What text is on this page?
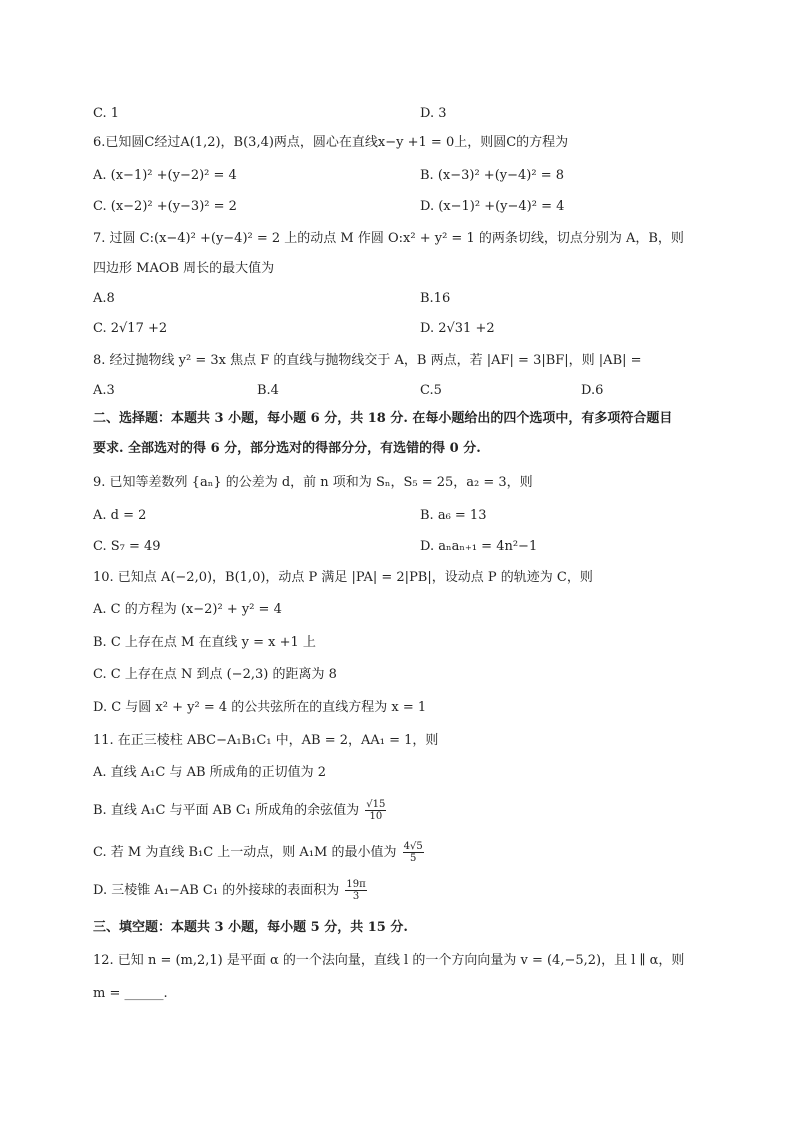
C. 1	D. 3
6.已知圆C经过A(1,2)，B(3,4)两点，圆心在直线x−y +1 = 0上，则圆C的方程为
A. (x−1)² +(y−2)² = 4	B. (x−3)² +(y−4)² = 8
C. (x−2)² +(y−3)² = 2	D. (x−1)² +(y−4)² = 4
7. 过圆 C:(x−4)² +(y−4)² = 2 上的动点 M 作圆 O:x² + y² = 1 的两条切线，切点分别为 A，B，则
四边形 MAOB 周长的最大值为
A.8	B.16
C. 2√17 +2	D. 2√31 +2
8. 经过抛物线 y² = 3x 焦点 F 的直线与抛物线交于 A，B 两点，若 |AF| = 3|BF|，则 |AB| =
A.3	B.4	C.5	D.6
二、选择题：本题共 3 小题，每小题 6 分，共 18 分. 在每小题给出的四个选项中，有多项符合题目
要求. 全部选对的得 6 分，部分选对的得部分分，有选错的得 0 分.
9. 已知等差数列 {aₙ} 的公差为 d，前 n 项和为 Sₙ，S₅ = 25，a₂ = 3，则
A. d = 2	B. a₆ = 13
C. S₇ = 49	D. aₙaₙ₊₁ = 4n²−1
10. 已知点 A(−2,0)，B(1,0)，动点 P 满足 |PA| = 2|PB|，设动点 P 的轨迹为 C，则
A. C 的方程为 (x−2)² + y² = 4
B. C 上存在点 M 在直线 y = x +1 上
C. C 上存在点 N 到点 (−2,3) 的距离为 8
D. C 与圆 x² + y² = 4 的公共弦所在的直线方程为 x = 1
11. 在正三棱柱 ABC−A₁B₁C₁ 中，AB = 2，AA₁ = 1，则
A. 直线 A₁C 与 AB 所成角的正切值为 2
B. 直线 A₁C 与平面 AB C₁ 所成角的余弦值为 $\frac{√15}{10}$
C. 若 M 为直线 B₁C 上一动点，则 A₁M 的最小值为 $\frac{4√5}{5}$
D. 三棱锥 A₁−AB C₁ 的外接球的表面积为 $\frac{19\pi}{3}$
三、填空题：本题共 3 小题，每小题 5 分，共 15 分.
12. 已知 n = (m,2,1) 是平面 α 的一个法向量，直线 l 的一个方向向量为 v = (4,−5,2)，且 l ∥ α，则
m = ______.
